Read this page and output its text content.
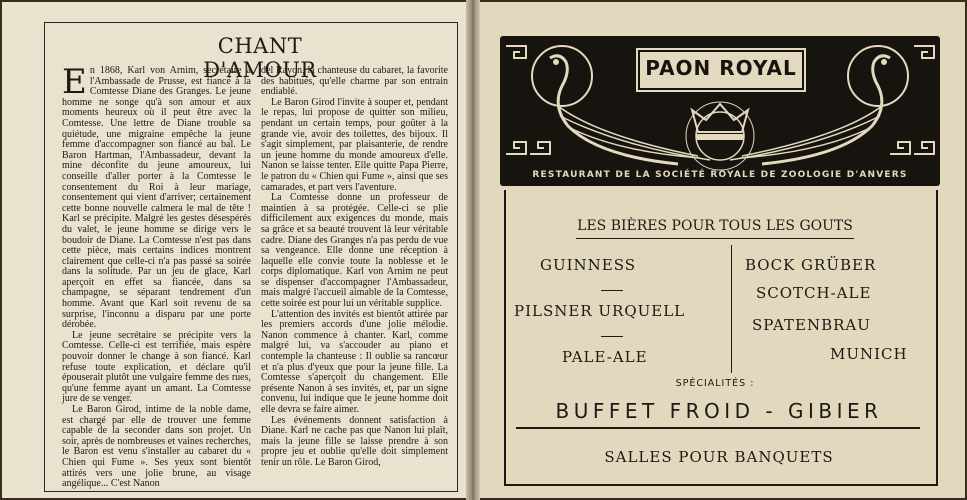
CHANT D'AMOUR

En 1868, Karl von Arnim, secrétaire à l'Ambassade de Prusse, est fiancé à la Comtesse Diane des Granges. Le jeune homme ne songe qu'à son amour et aux moments heureux où il peut être avec la Comtesse. Une lettre de Diane trouble sa quiétude, une migraine empêche la jeune femme d'accompagner son fiancé au bal. Le Baron Hartman, l'Ambassadeur, devant la mine déconfite du jeune amoureux, lui conseille d'aller porter à la Comtesse le consentement du Roi à leur mariage, consentement qui vient d'arriver; certainement cette bonne nouvelle calmera le mal de tête ! Karl se précipite. Malgré les gestes désespérés du valet, le jeune homme se dirige vers le boudoir de Diane. La Comtesse n'est pas dans cette pièce, mais certains indices montrent clairement que celle-ci n'a pas passé sa soirée dans la solitude. Par un jeu de glace, Karl aperçoit en effet sa fiancée, dans sa champagne, se séparant tendrement d'un homme. Avant que Karl soit revenu de sa surprise, l'inconnu a disparu par une porte dérobée.

Le jeune secrétaire se précipite vers la Comtesse. Celle-ci est terrifiée, mais espère pouvoir donner le change à son fiancé. Karl refuse toute explication, et déclare qu'il épouserait plutôt une vulgaire femme des rues, qu'une femme ayant un amant. La Comtesse jure de se venger.

Le Baron Girod, intime de la noble dame, est chargé par elle de trouver une femme capable de la seconder dans son projet. Un soir, après de nombreuses et vaines recherches, le Baron est venu s'installer au cabaret du « Chien qui Fume ». Ses yeux sont bientôt attirés vers une jolie brune, au visage angélique... C'est Nanon

del Rayon, la chanteuse du cabaret, la favorite des habitués, qu'elle charme par son entrain endiablé.

Le Baron Girod l'invite à souper et, pendant le repas, lui propose de quitter son milieu, pendant un certain temps, pour goûter à la grande vie, avoir des toilettes, des bijoux. Il s'agit simplement, par plaisanterie, de rendre un jeune homme du monde amoureux d'elle. Nanon se laisse tenter. Elle quitte Papa Pierre, le patron du « Chien qui Fume », ainsi que ses camarades, et part vers l'aventure.

La Comtesse donne un professeur de maintien à sa protégée. Celle-ci se plie difficilement aux exigences du monde, mais sa grâce et sa beauté trouvent là leur véritable cadre. Diane des Granges n'a pas perdu de vue sa vengeance. Elle donne une réception à laquelle elle convie toute la noblesse et le corps diplomatique. Karl von Arnim ne peut se dispenser d'accompagner l'Ambassadeur, mais malgré l'accueil aimable de la Comtesse, cette soirée est pour lui un véritable supplice.

L'attention des invités est bientôt attirée par les premiers accords d'une jolie mélodie. Nanon commence à chanter. Karl, comme malgré lui, va s'accouder au piano et contemple la chanteuse : Il oublie sa rancœur et n'a plus d'yeux que pour la jeune fille. La Comtesse s'aperçoit du changement. Elle présente Nanon à ses invités, et, par un signe convenu, lui indique que le jeune homme doit elle devra se faire aimer.

Les événements donnent satisfaction à Diane. Karl ne cache pas que Nanon lui plaît, mais la jeune fille se laisse prendre à son propre jeu et oublie qu'elle doit simplement tenir un rôle. Le Baron Girod,

PAON ROYAL
RESTAURANT DE LA SOCIÉTÉ ROYALE DE ZOOLOGIE D'ANVERS
LES BIÈRES POUR TOUS LES GOUTS
GUINNESS
PILSNER URQUELL
PALE-ALE
BOCK GRÜBER
SCOTCH-ALE
SPATENBRAU
MUNICH
SPÉCIALITÉS :
BUFFET FROID - GIBIER
SALLES POUR BANQUETS
